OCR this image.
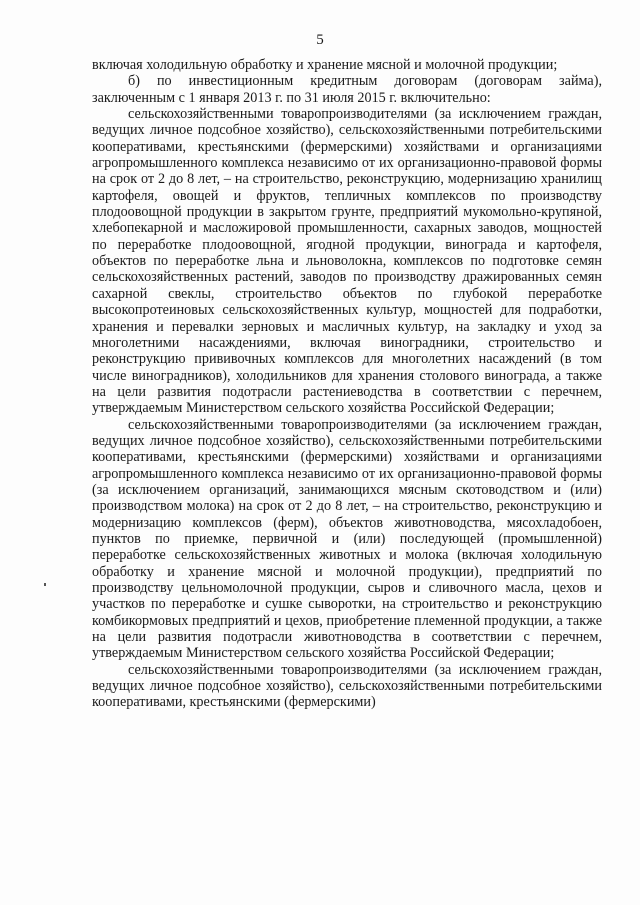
5

включая холодильную обработку и хранение мясной и молочной продукции;

б) по инвестиционным кредитным договорам (договорам займа), заключенным с 1 января 2013 г. по 31 июля 2015 г. включительно:

сельскохозяйственными товаропроизводителями (за исключением граждан, ведущих личное подсобное хозяйство), сельскохозяйственными потребительскими кооперативами, крестьянскими (фермерскими) хозяйствами и организациями агропромышленного комплекса независимо от их организационно-правовой формы на срок от 2 до 8 лет, – на строительство, реконструкцию, модернизацию хранилищ картофеля, овощей и фруктов, тепличных комплексов по производству плодоовощной продукции в закрытом грунте, предприятий мукомольно-крупяной, хлебопекарной и масложировой промышленности, сахарных заводов, мощностей по переработке плодоовощной, ягодной продукции, винограда и картофеля, объектов по переработке льна и льноволокна, комплексов по подготовке семян сельскохозяйственных растений, заводов по производству дражированных семян сахарной свеклы, строительство объектов по глубокой переработке высокопротеиновых сельскохозяйственных культур, мощностей для подработки, хранения и перевалки зерновых и масличных культур, на закладку и уход за многолетними насаждениями, включая виноградники, строительство и реконструкцию прививочных комплексов для многолетних насаждений (в том числе виноградников), холодильников для хранения столового винограда, а также на цели развития подотрасли растениеводства в соответствии с перечнем, утверждаемым Министерством сельского хозяйства Российской Федерации;

сельскохозяйственными товаропроизводителями (за исключением граждан, ведущих личное подсобное хозяйство), сельскохозяйственными потребительскими кооперативами, крестьянскими (фермерскими) хозяйствами и организациями агропромышленного комплекса независимо от их организационно-правовой формы (за исключением организаций, занимающихся мясным скотоводством и (или) производством молока) на срок от 2 до 8 лет, – на строительство, реконструкцию и модернизацию комплексов (ферм), объектов животноводства, мясохладобоен, пунктов по приемке, первичной и (или) последующей (промышленной) переработке сельскохозяйственных животных и молока (включая холодильную обработку и хранение мясной и молочной продукции), предприятий по производству цельномолочной продукции, сыров и сливочного масла, цехов и участков по переработке и сушке сыворотки, на строительство и реконструкцию комбикормовых предприятий и цехов, приобретение племенной продукции, а также на цели развития подотрасли животноводства в соответствии с перечнем, утверждаемым Министерством сельского хозяйства Российской Федерации;

сельскохозяйственными товаропроизводителями (за исключением граждан, ведущих личное подсобное хозяйство), сельскохозяйственными потребительскими кооперативами, крестьянскими (фермерскими)
